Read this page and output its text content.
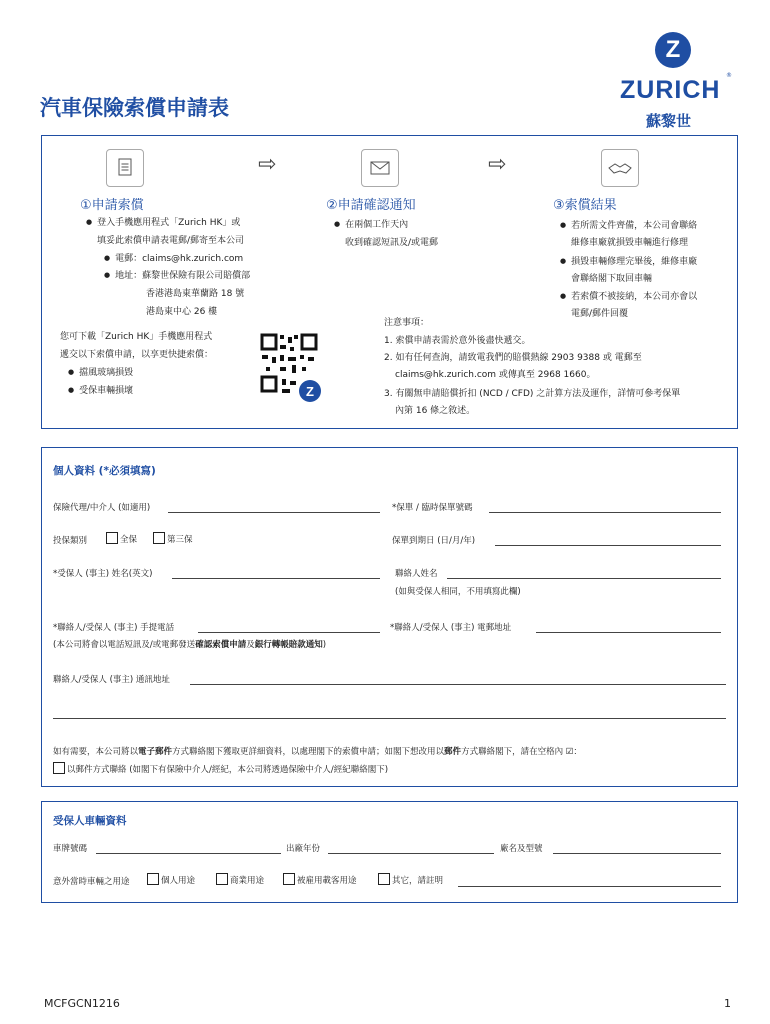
汽車保險索償申請表
Z
ZURICH
®
蘇黎世
⇨	⇨
①申請索償	②申請確認通知	③索償結果
● 登入手機應用程式「Zurich HK」或
填妥此索償申請表電郵/郵寄至本公司
● 電郵：claims@hk.zurich.com
● 地址：蘇黎世保險有限公司賠償部
香港港島東華蘭路 18 號
港島東中心 26 樓
● 在兩個工作天內
收到確認短訊及/或電郵
● 若所需文件齊備，本公司會聯絡
維修車廠就損毀車輛進行修理
● 損毀車輛修理完畢後，維修車廠
會聯絡閣下取回車輛
● 若索償不被接納，本公司亦會以
電郵/郵件回覆
您可下載「Zurich HK」手機應用程式
遞交以下索償申請，以享更快捷索償：
● 擋風玻璃損毀
● 受保車輛損壞	Z
注意事項：
1. 索償申請表需於意外後盡快遞交。
2. 如有任何查詢，請致電我們的賠償熱線 2903 9388 或 電郵至
claims@hk.zurich.com 或傳真至 2968 1660。
3. 有關無申請賠償折扣 (NCD / CFD) 之計算方法及運作，詳情可參考保單
內第 16 條之敘述。
個人資料 (*必須填寫)
保險代理/中介人 (如適用)	*保單 / 臨時保單號碼
投保類別	全保	第三保	保單到期日 (日/月/年)
*受保人 (事主) 姓名(英文)	聯絡人姓名
(如與受保人相同，不用填寫此欄)
*聯絡人/受保人 (事主) 手提電話	*聯絡人/受保人 (事主) 電郵地址
(本公司將會以電話短訊及/或電郵發送確認索償申請及銀行轉帳賠款通知)
聯絡人/受保人 (事主) 通訊地址
如有需要，本公司將以電子郵件方式聯絡閣下獲取更詳細資料，以處理閣下的索償申請；如閣下想改用以郵件方式聯絡閣下，請在空格內 ☑：
以郵件方式聯絡 (如閣下有保險中介人/經紀，本公司將透過保險中介人/經紀聯絡閣下)
受保人車輛資料
車牌號碼	出廠年份	廠名及型號
意外當時車輛之用途	個人用途	商業用途	被雇用載客用途	其它，請註明
MCFGCN1216	1
